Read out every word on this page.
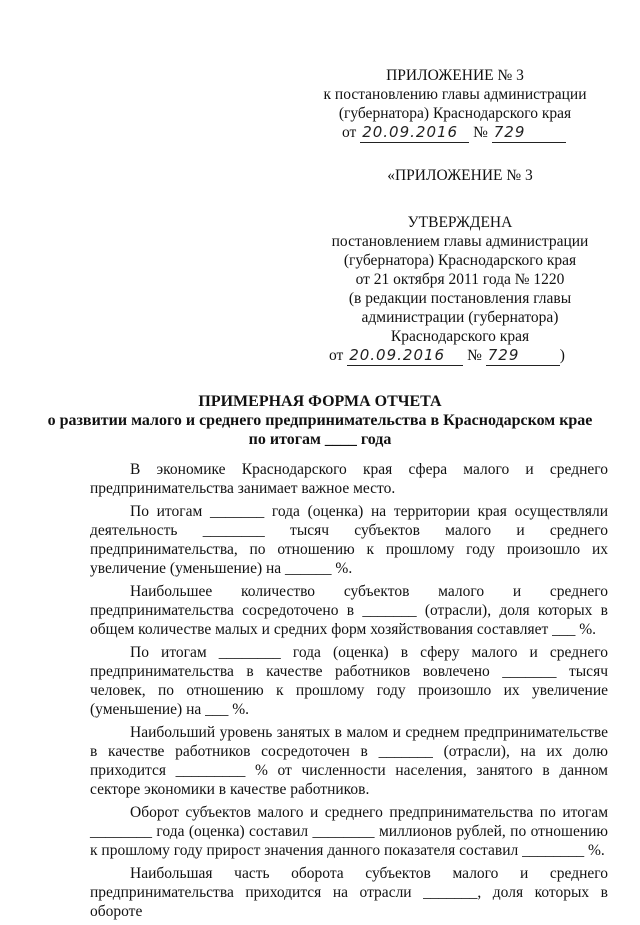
ПРИЛОЖЕНИЕ № 3
к постановлению главы администрации
(губернатора) Краснодарского края
от 20.09.2016 № 729
«ПРИЛОЖЕНИЕ № 3
УТВЕРЖДЕНА
постановлением главы администрации
(губернатора) Краснодарского края
от 21 октября 2011 года № 1220
(в редакции постановления главы
администрации (губернатора)
Краснодарского края
от 20.09.2016 № 729	)
ПРИМЕРНАЯ ФОРМА ОТЧЕТА
о развитии малого и среднего предпринимательства в Краснодарском крае
по итогам ____ года

В экономике Краснодарского края сфера малого и среднего предпринимательства занимает важное место.

По итогам _______ года (оценка) на территории края осуществляли деятельность ________ тысяч субъектов малого и среднего предпринимательства, по отношению к прошлому году произошло их увеличение (уменьшение) на ______ %.

Наибольшее количество субъектов малого и среднего предпринимательства сосредоточено в _______ (отрасли), доля которых в общем количестве малых и средних форм хозяйствования составляет ___ %.

По итогам ________ года (оценка) в сферу малого и среднего предпринимательства в качестве работников вовлечено _______ тысяч человек, по отношению к прошлому году произошло их увеличение (уменьшение) на ___ %.

Наибольший уровень занятых в малом и среднем предпринимательстве в качестве работников сосредоточен в _______ (отрасли), на их долю приходится _________ % от численности населения, занятого в данном секторе экономики в качестве работников.

Оборот субъектов малого и среднего предпринимательства по итогам ________ года (оценка) составил ________ миллионов рублей, по отношению к прошлому году прирост значения данного показателя составил ________ %.

Наибольшая часть оборота субъектов малого и среднего предпринимательства приходится на отрасли _______, доля которых в обороте
